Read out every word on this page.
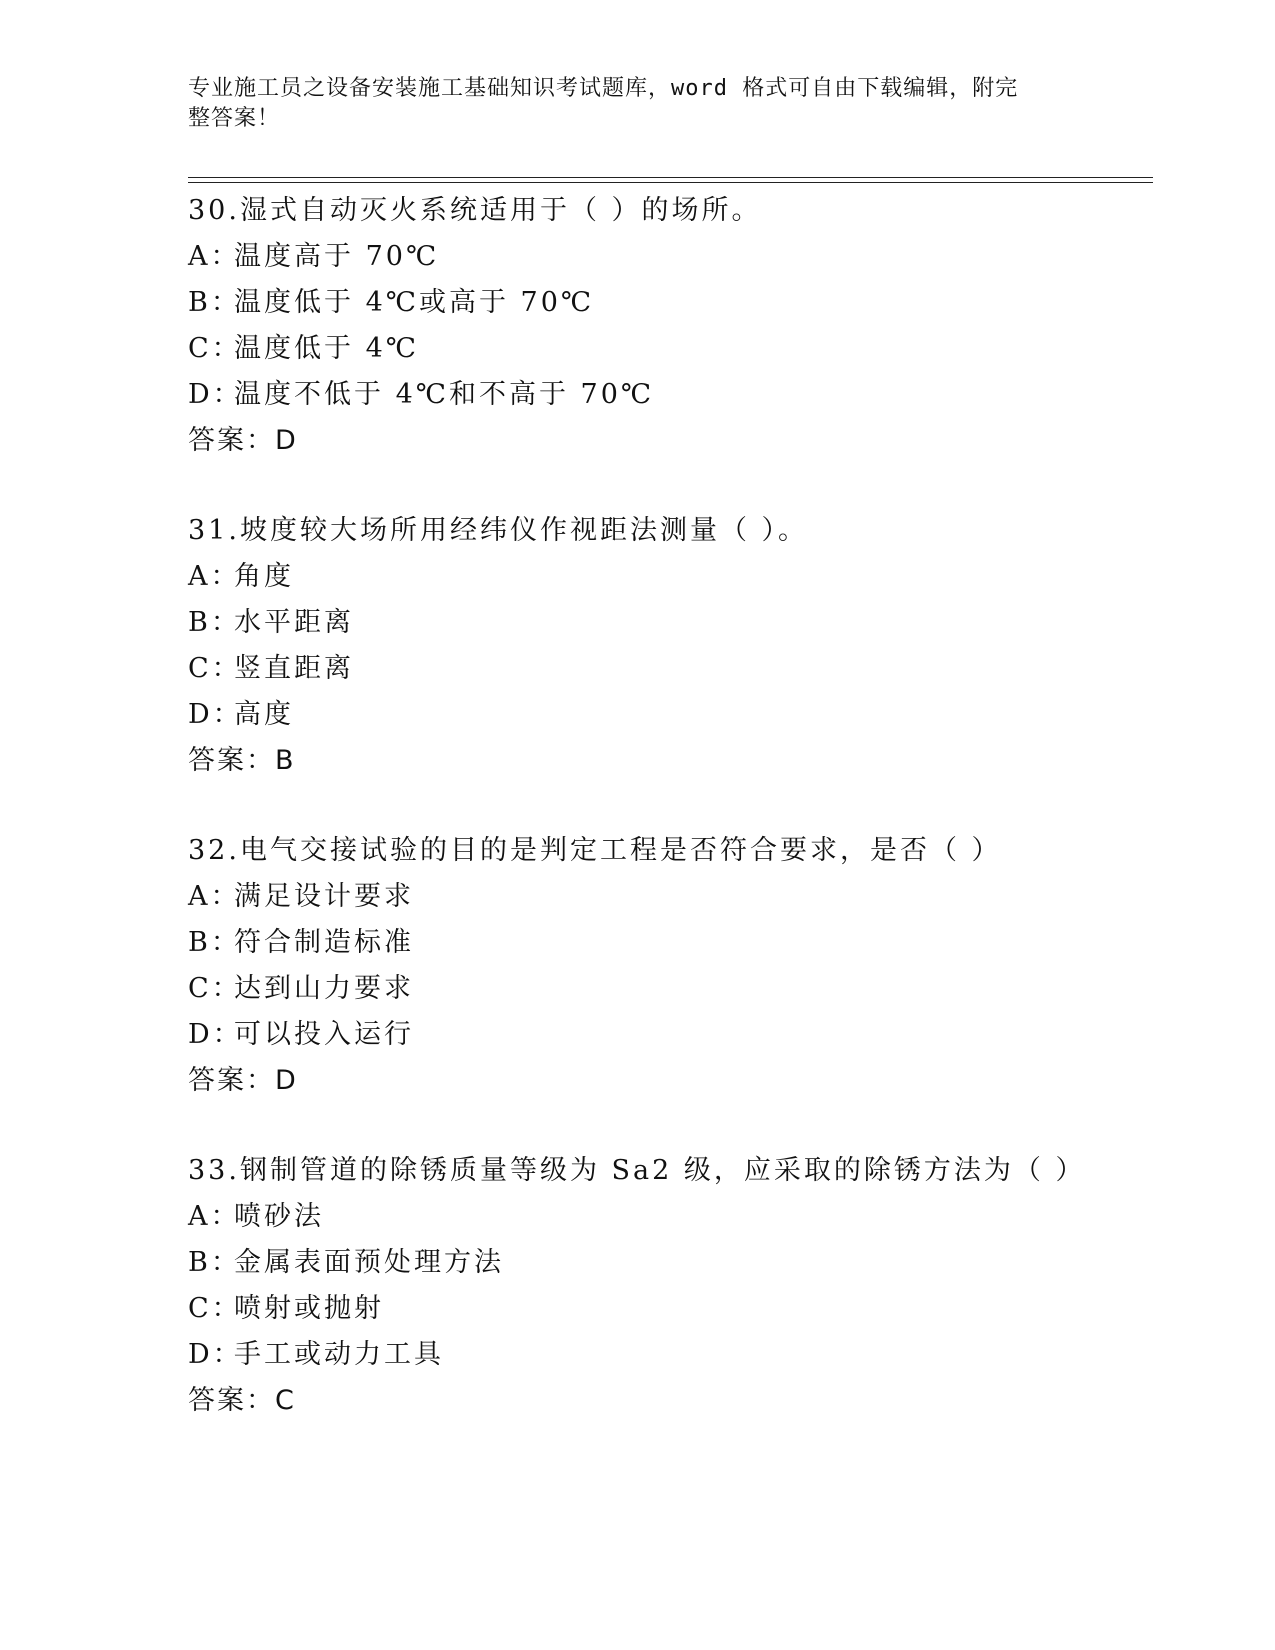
专业施工员之设备安装施工基础知识考试题库，word 格式可自由下载编辑，附完
整答案！
30.湿式自动灭火系统适用于（ ）的场所。
A：温度高于 70℃
B：温度低于 4℃或高于 70℃
C：温度低于 4℃
D：温度不低于 4℃和不高于 70℃
答案：D
31.坡度较大场所用经纬仪作视距法测量（ ）。
A：角度
B：水平距离
C：竖直距离
D：高度
答案：B
32.电气交接试验的目的是判定工程是否符合要求，是否（ ）
A：满足设计要求
B：符合制造标准
C：达到山力要求
D：可以投入运行
答案：D
33.钢制管道的除锈质量等级为 Sa2 级，应采取的除锈方法为（ ）
A：喷砂法
B：金属表面预处理方法
C：喷射或抛射
D：手工或动力工具
答案：C
